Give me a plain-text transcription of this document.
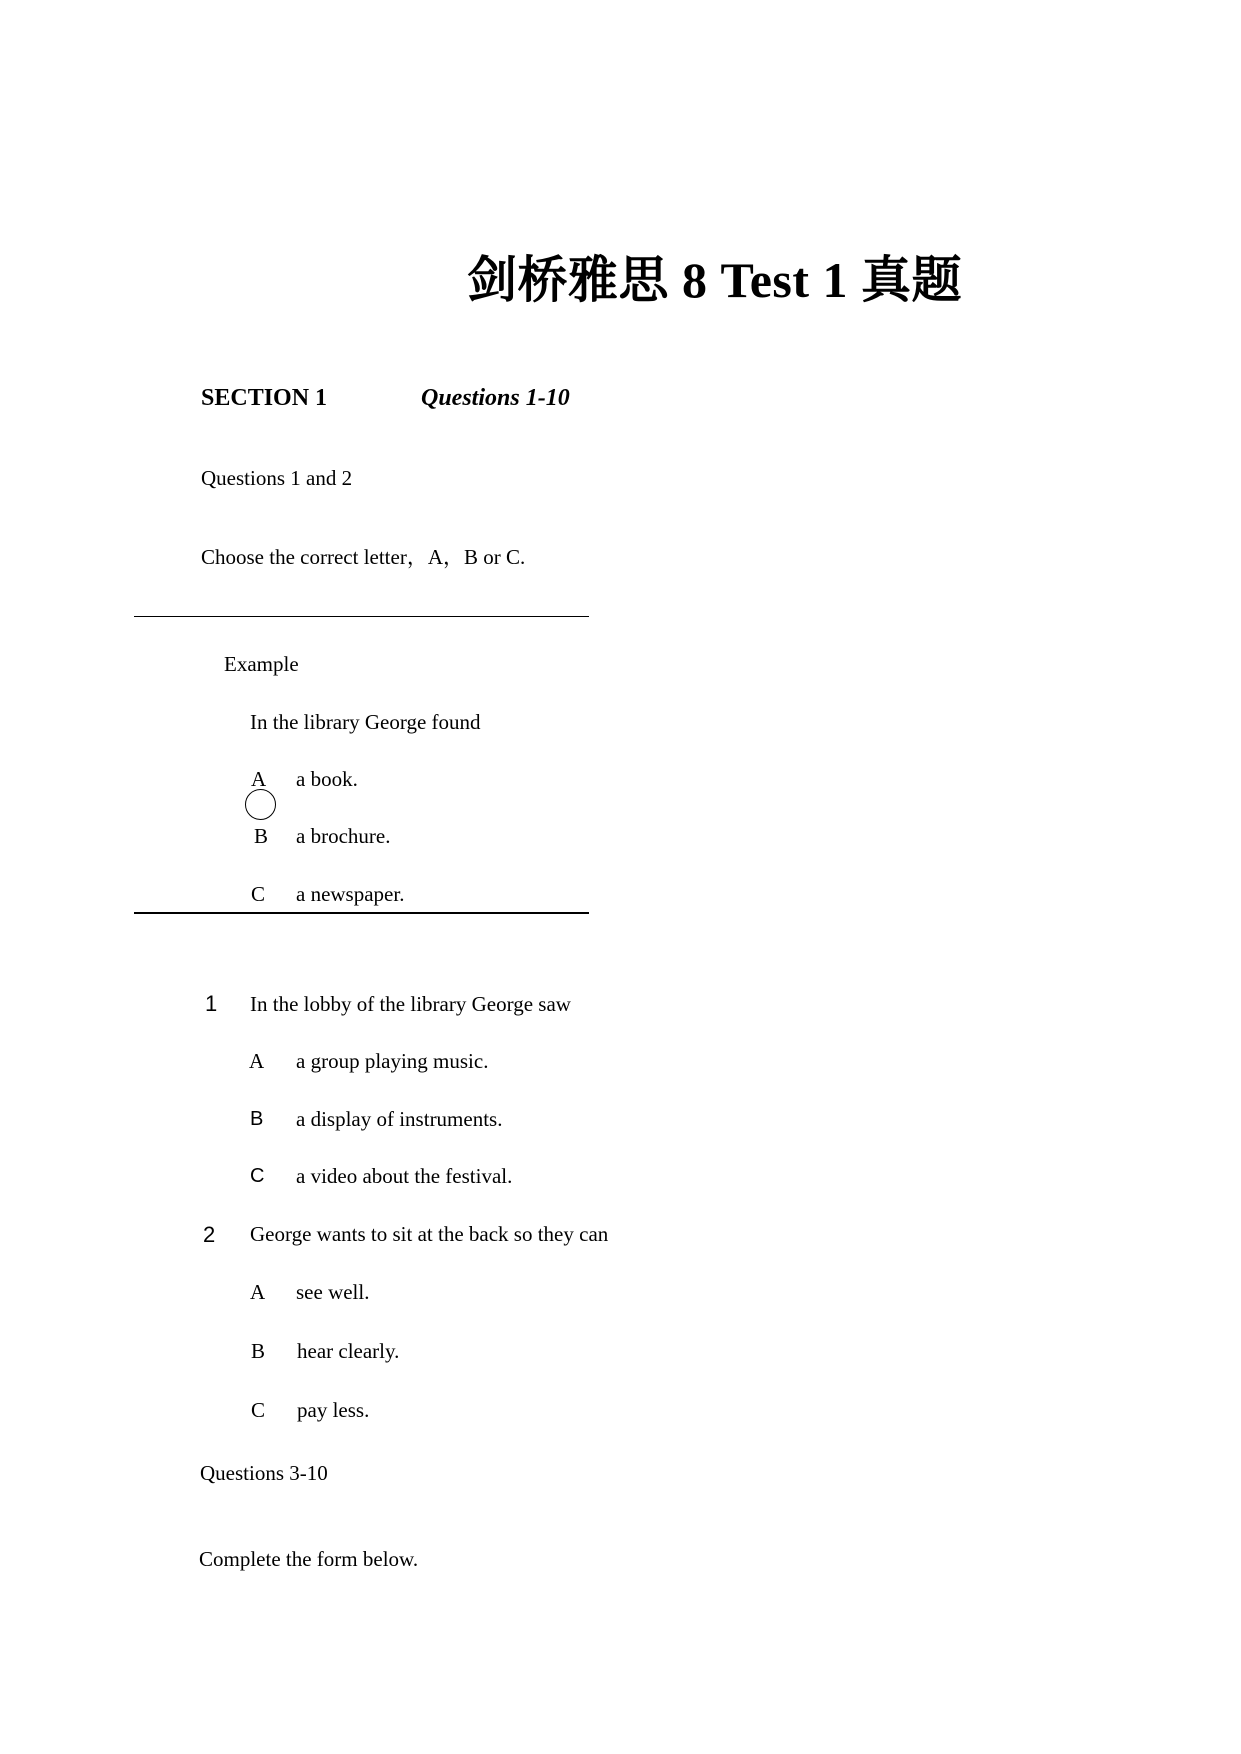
剑桥雅思 8 Test 1 真题
SECTION 1	Questions 1-10
Questions 1 and 2
Choose the correct letter，A，B or C.
Example
In the library George found
A a book.
B a brochure.
C a newspaper.
1 In the lobby of the library George saw
A a group playing music.
B a display of instruments.
C a video about the festival.
2 George wants to sit at the back so they can
A see well.
B hear clearly.
C pay less.
Questions 3-10
Complete the form below.
